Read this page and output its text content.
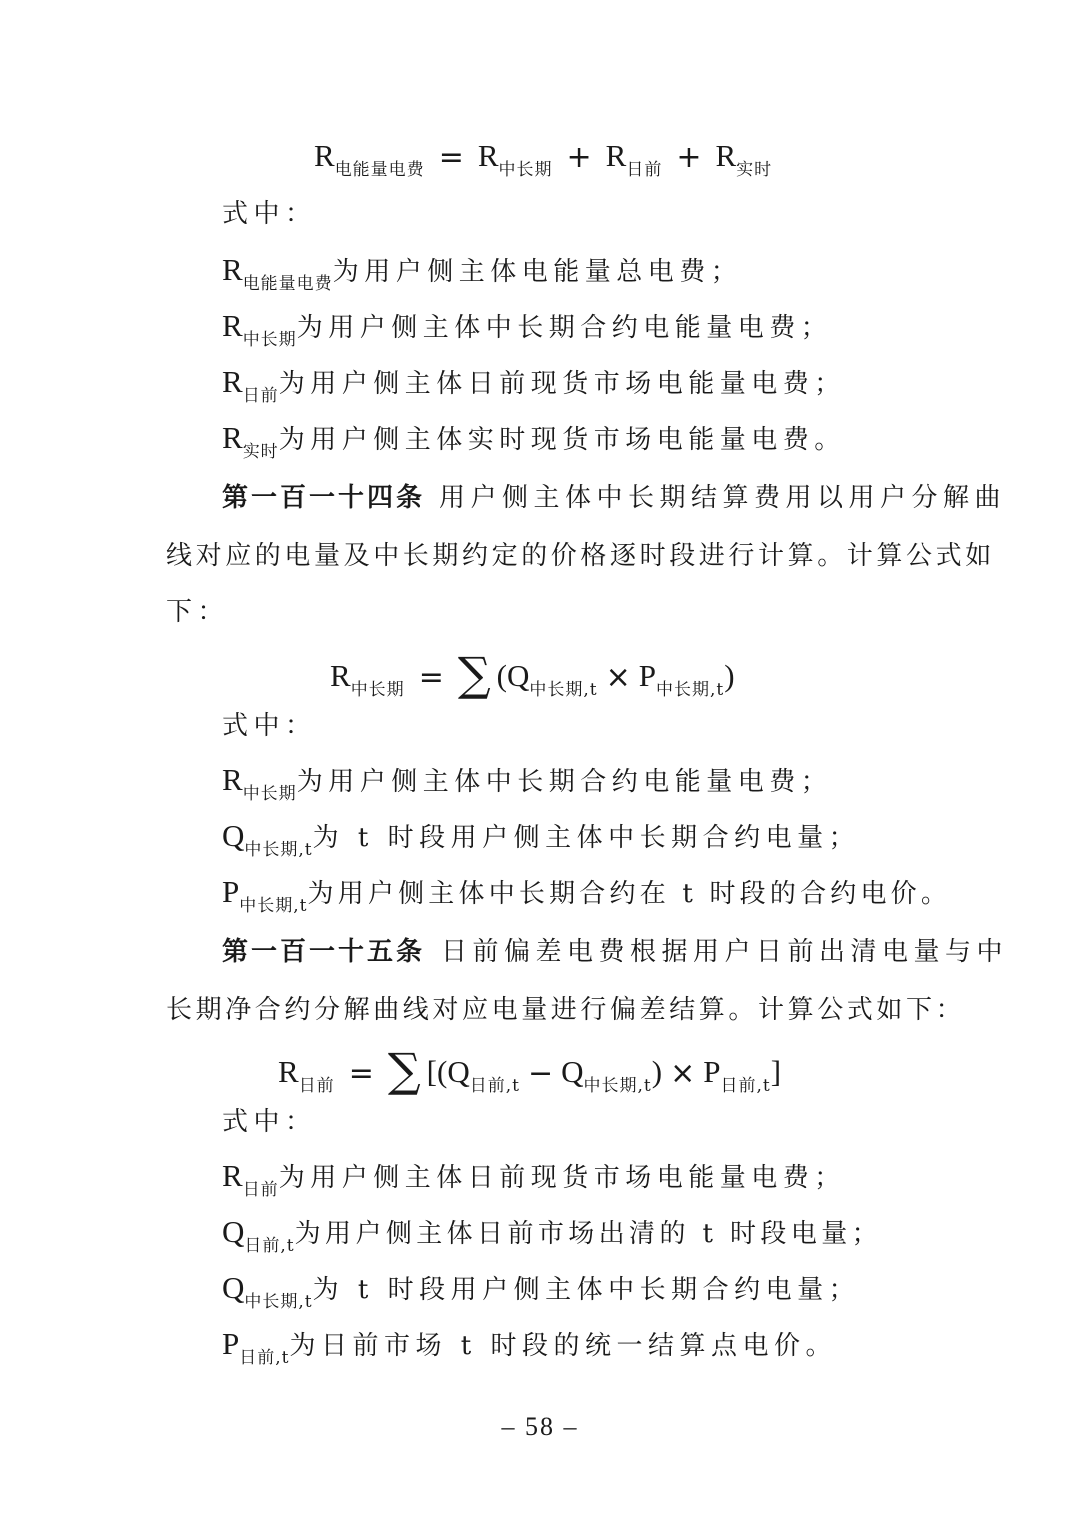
R电能量电费 = R中长期 + R日前 + R实时
式中：
R电能量电费为用户侧主体电能量总电费；
R中长期为用户侧主体中长期合约电能量电费；
R日前为用户侧主体日前现货市场电能量电费；
R实时为用户侧主体实时现货市场电能量电费。
第一百一十四条 用户侧主体中长期结算费用以用户分解曲
线对应的电量及中长期约定的价格逐时段进行计算。计算公式如
下：
R中长期 = ∑ (Q中长期,t × P中长期,t)
式中：
R中长期为用户侧主体中长期合约电能量电费；
Q中长期,t为 t 时段用户侧主体中长期合约电量；
P中长期,t为用户侧主体中长期合约在 t 时段的合约电价。
第一百一十五条 日前偏差电费根据用户日前出清电量与中
长期净合约分解曲线对应电量进行偏差结算。计算公式如下：
R日前 = ∑ [(Q日前,t − Q中长期,t) × P日前,t]
式中：
R日前为用户侧主体日前现货市场电能量电费；
Q日前,t为用户侧主体日前市场出清的 t 时段电量；
Q中长期,t为 t 时段用户侧主体中长期合约电量；
P日前,t为日前市场 t 时段的统一结算点电价。
– 58 –
